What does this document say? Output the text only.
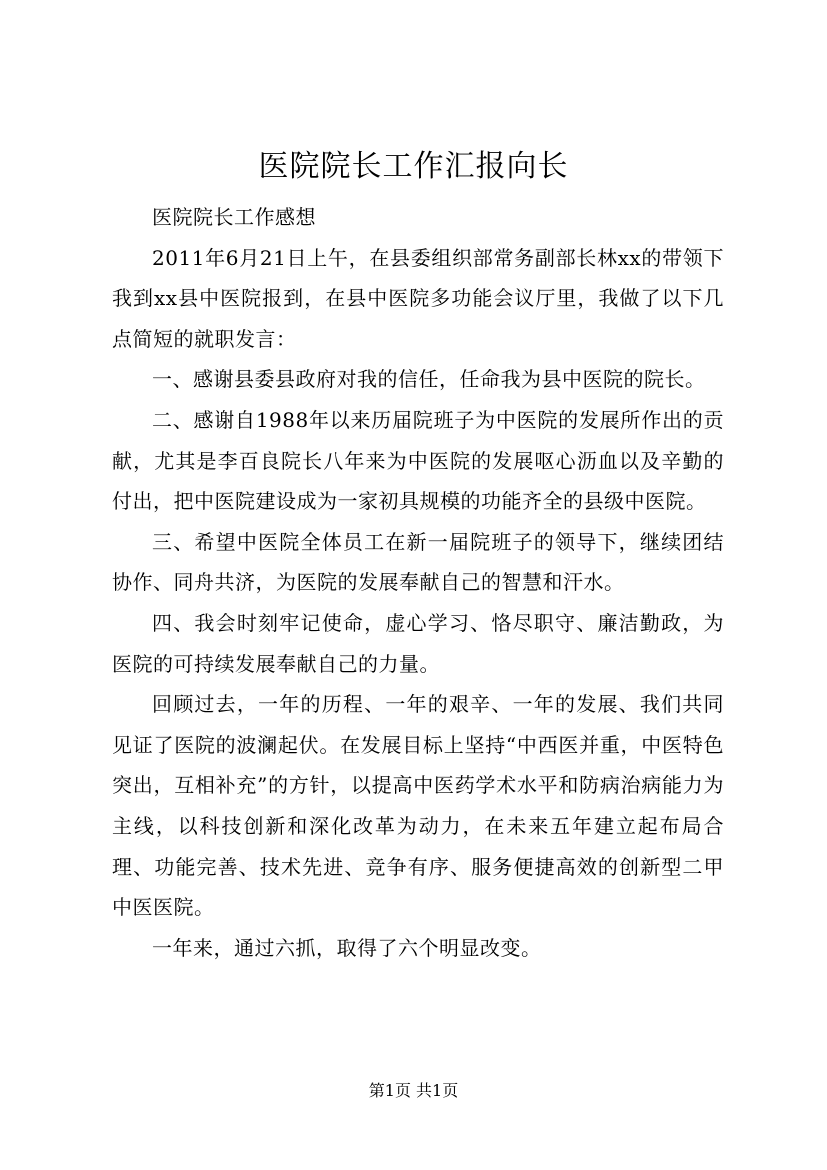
医院院长工作汇报向长

医院院长工作感想

2011年6月21日上午，在县委组织部常务副部长林xx的带领下我到xx县中医院报到，在县中医院多功能会议厅里，我做了以下几点简短的就职发言：

一、感谢县委县政府对我的信任，任命我为县中医院的院长。

二、感谢自1988年以来历届院班子为中医院的发展所作出的贡献，尤其是李百良院长八年来为中医院的发展呕心沥血以及辛勤的付出，把中医院建设成为一家初具规模的功能齐全的县级中医院。

三、希望中医院全体员工在新一届院班子的领导下，继续团结协作、同舟共济，为医院的发展奉献自己的智慧和汗水。

四、我会时刻牢记使命，虚心学习、恪尽职守、廉洁勤政，为医院的可持续发展奉献自己的力量。

回顾过去，一年的历程、一年的艰辛、一年的发展、我们共同见证了医院的波澜起伏。在发展目标上坚持“中西医并重，中医特色突出，互相补充”的方针，以提高中医药学术水平和防病治病能力为主线，以科技创新和深化改革为动力，在未来五年建立起布局合理、功能完善、技术先进、竞争有序、服务便捷高效的创新型二甲中医医院。

一年来，通过六抓，取得了六个明显改变。

第1页 共1页
